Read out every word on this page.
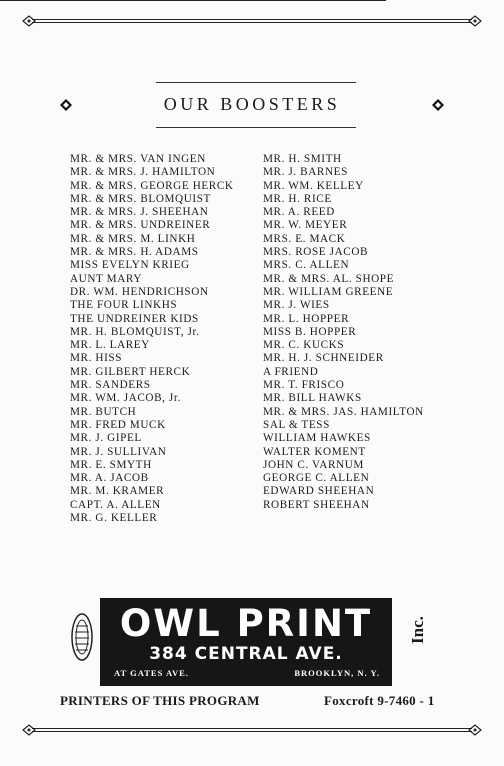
OUR BOOSTERS
MR. & MRS. VAN INGEN
MR. & MRS. J. HAMILTON
MR. & MRS. GEORGE HERCK
MR. & MRS. BLOMQUIST
MR. & MRS. J. SHEEHAN
MR. & MRS. UNDREINER
MR. & MRS. M. LINKH
MR. & MRS. H. ADAMS
MISS EVELYN KRIEG
AUNT MARY
DR. WM. HENDRICHSON
THE FOUR LINKHS
THE UNDREINER KIDS
MR. H. BLOMQUIST, Jr.
MR. L. LAREY
MR. HISS
MR. GILBERT HERCK
MR. SANDERS
MR. WM. JACOB, Jr.
MR. BUTCH
MR. FRED MUCK
MR. J. GIPEL
MR. J. SULLIVAN
MR. E. SMYTH
MR. A. JACOB
MR. M. KRAMER
CAPT. A. ALLEN
MR. G. KELLER
MR. H. SMITH
MR. J. BARNES
MR. WM. KELLEY
MR. H. RICE
MR. A. REED
MR. W. MEYER
MRS. E. MACK
MRS. ROSE JACOB
MRS. C. ALLEN
MR. & MRS. AL. SHOPE
MR. WILLIAM GREENE
MR. J. WIES
MR. L. HOPPER
MISS B. HOPPER
MR. C. KUCKS
MR. H. J. SCHNEIDER
A FRIEND
MR. T. FRISCO
MR. BILL HAWKS
MR. & MRS. JAS. HAMILTON
SAL & TESS
WILLIAM HAWKES
WALTER KOMENT
JOHN C. VARNUM
GEORGE C. ALLEN
EDWARD SHEEHAN
ROBERT SHEEHAN
OWL PRINT
384 CENTRAL AVE.
AT GATES AVE.	BROOKLYN, N. Y.
Inc.
PRINTERS OF THIS PROGRAM	Foxcroft 9-7460 - 1
